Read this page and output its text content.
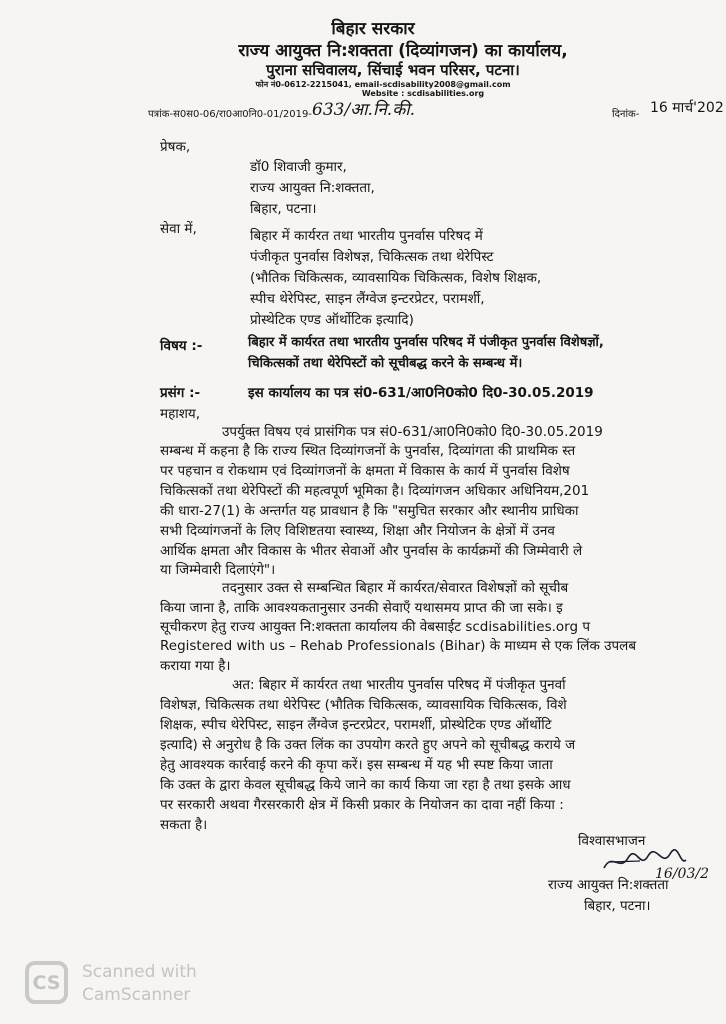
बिहार सरकार
राज्य आयुक्त नि:शक्तता (दिव्यांगजन) का कार्यालय,
पुराना सचिवालय, सिंचाई भवन परिसर, पटना।
फोन नं0-0612-2215041, email-scdisability2008@gmail.com
Website : scdisabilities.org
पत्रांक-स0स0-06/रा0आ0नि0-01/2019- 633/आ.नि.की.	दिनांक- 16 मार्च'202
प्रेषक,
डॉ0 शिवाजी कुमार,
राज्य आयुक्त नि:शक्तता,
बिहार, पटना।
सेवा में,	बिहार में कार्यरत तथा भारतीय पुनर्वास परिषद में
पंजीकृत पुनर्वास विशेषज्ञ, चिकित्सक तथा थेरेपिस्ट
(भौतिक चिकित्सक, व्यावसायिक चिकित्सक, विशेष शिक्षक,
स्पीच थेरेपिस्ट, साइन लैंग्वेज इन्टरप्रेटर, परामर्शी,
प्रोस्थेटिक एण्ड ऑर्थोटिक इत्यादि)
विषय :-	बिहार में कार्यरत तथा भारतीय पुनर्वास परिषद में पंजीकृत पुनर्वास विशेषज्ञों,
चिकित्सकों तथा थेरेपिस्टों को सूचीबद्ध करने के सम्बन्ध में।
प्रसंग :-	इस कार्यालय का पत्र सं0-631/आ0नि0को0 दि0-30.05.2019
महाशय,
उपर्युक्त विषय एवं प्रासंगिक पत्र सं0-631/आ0नि0को0 दि0-30.05.2019
सम्बन्ध में कहना है कि राज्य स्थित दिव्यांगजनों के पुनर्वास, दिव्यांगता की प्राथमिक स्त
पर पहचान व रोकथाम एवं दिव्यांगजनों के क्षमता में विकास के कार्य में पुनर्वास विशेष
चिकित्सकों तथा थेरेपिस्टों की महत्वपूर्ण भूमिका है। दिव्यांगजन अधिकार अधिनियम,201
की धारा-27(1) के अन्तर्गत यह प्रावधान है कि "समुचित सरकार और स्थानीय प्राधिका
सभी दिव्यांगजनों के लिए विशिष्टतया स्वास्थ्य, शिक्षा और नियोजन के क्षेत्रों में उनव
आर्थिक क्षमता और विकास के भीतर सेवाओं और पुनर्वास के कार्यक्रमों की जिम्मेवारी ले
या जिम्मेवारी दिलाएंगे"।
तदनुसार उक्त से सम्बन्धित बिहार में कार्यरत/सेवारत विशेषज्ञों को सूचीब
किया जाना है, ताकि आवश्यकतानुसार उनकी सेवाएँ यथासमय प्राप्त की जा सके। इ
सूचीकरण हेतु राज्य आयुक्त नि:शक्तता कार्यालय की वेबसाईट scdisabilities.org प
Registered with us – Rehab Professionals (Bihar) के माध्यम से एक लिंक उपलब
कराया गया है।
अत: बिहार में कार्यरत तथा भारतीय पुनर्वास परिषद में पंजीकृत पुनर्वा
विशेषज्ञ, चिकित्सक तथा थेरेपिस्ट (भौतिक चिकित्सक, व्यावसायिक चिकित्सक, विशे
शिक्षक, स्पीच थेरेपिस्ट, साइन लैंग्वेज इन्टरप्रेटर, परामर्शी, प्रोस्थेटिक एण्ड ऑर्थोटि
इत्यादि) से अनुरोध है कि उक्त लिंक का उपयोग करते हुए अपने को सूचीबद्ध कराये ज
हेतु आवश्यक कार्रवाई करने की कृपा करें। इस सम्बन्ध में यह भी स्पष्ट किया जाता
कि उक्त के द्वारा केवल सूचीबद्ध किये जाने का कार्य किया जा रहा है तथा इसके आध
पर सरकारी अथवा गैरसरकारी क्षेत्र में किसी प्रकार के नियोजन का दावा नहीं किया :
सकता है।
विश्वासभाजन
राज्य आयुक्त नि:शक्तता
16/03/2
बिहार, पटना।
CS	Scanned with
CamScanner
